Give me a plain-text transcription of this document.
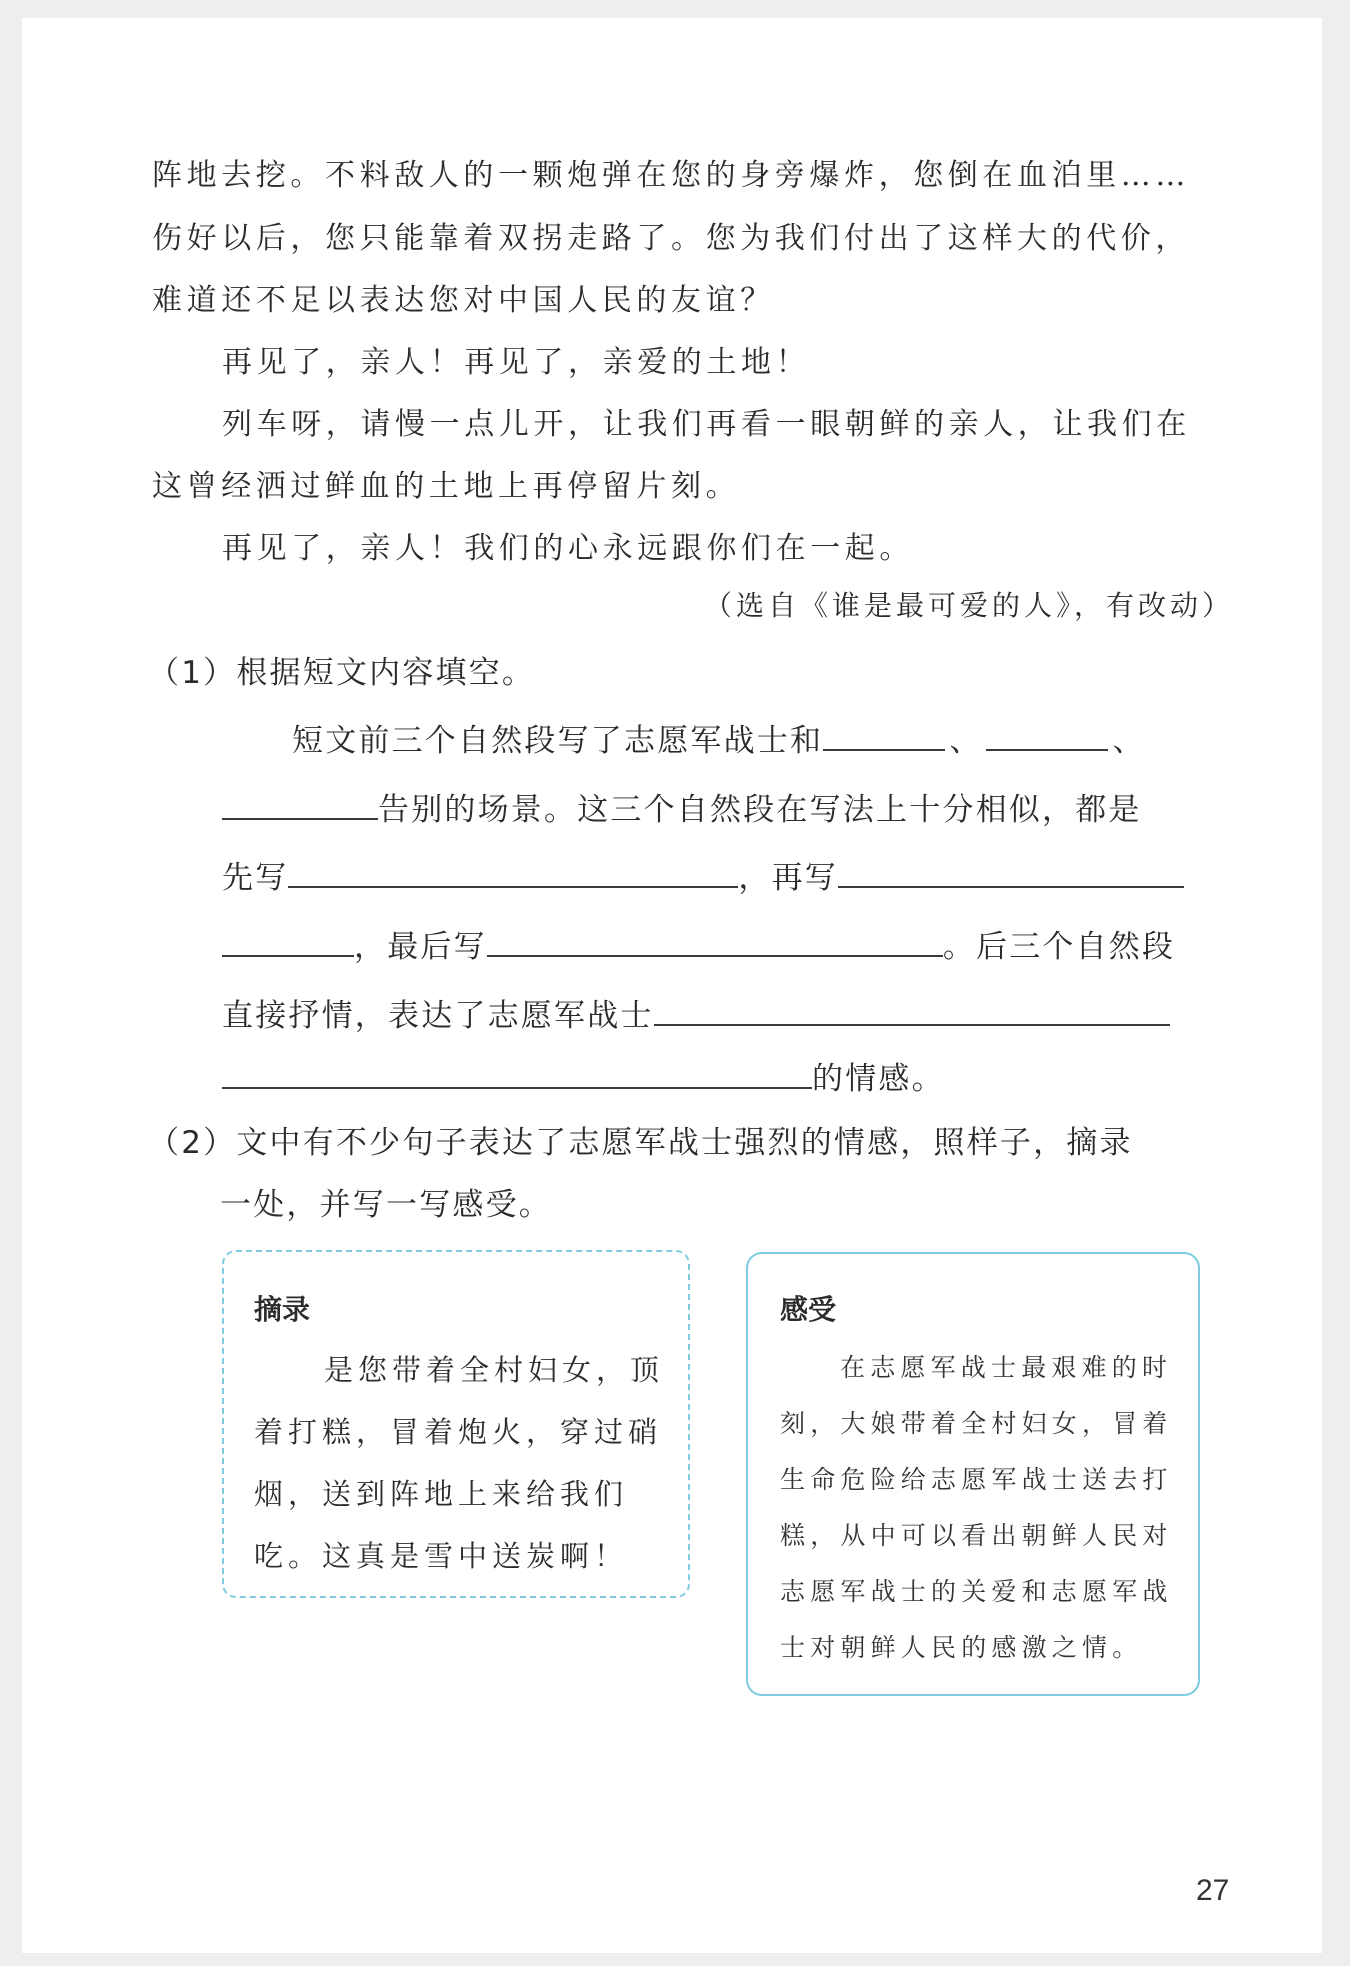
阵地去挖。不料敌人的一颗炮弹在您的身旁爆炸，您倒在血泊里……
伤好以后，您只能靠着双拐走路了。您为我们付出了这样大的代价，
难道还不足以表达您对中国人民的友谊？
再见了，亲人！再见了，亲爱的土地！
列车呀，请慢一点儿开，让我们再看一眼朝鲜的亲人，让我们在
这曾经洒过鲜血的土地上再停留片刻。
再见了，亲人！我们的心永远跟你们在一起。
（选自《谁是最可爱的人》，有改动）
（1）根据短文内容填空。
短文前三个自然段写了志愿军战士和	、	、
告别的场景。这三个自然段在写法上十分相似，都是
先写	，再写
，最后写	。后三个自然段
直接抒情，表达了志愿军战士
的情感。
（2）文中有不少句子表达了志愿军战士强烈的情感，照样子，摘录
一处，并写一写感受。
摘录
是您带着全村妇女，顶
着打糕，冒着炮火，穿过硝
烟，送到阵地上来给我们
吃。这真是雪中送炭啊！
感受
在志愿军战士最艰难的时
刻，大娘带着全村妇女，冒着
生命危险给志愿军战士送去打
糕，从中可以看出朝鲜人民对
志愿军战士的关爱和志愿军战
士对朝鲜人民的感激之情。
27
